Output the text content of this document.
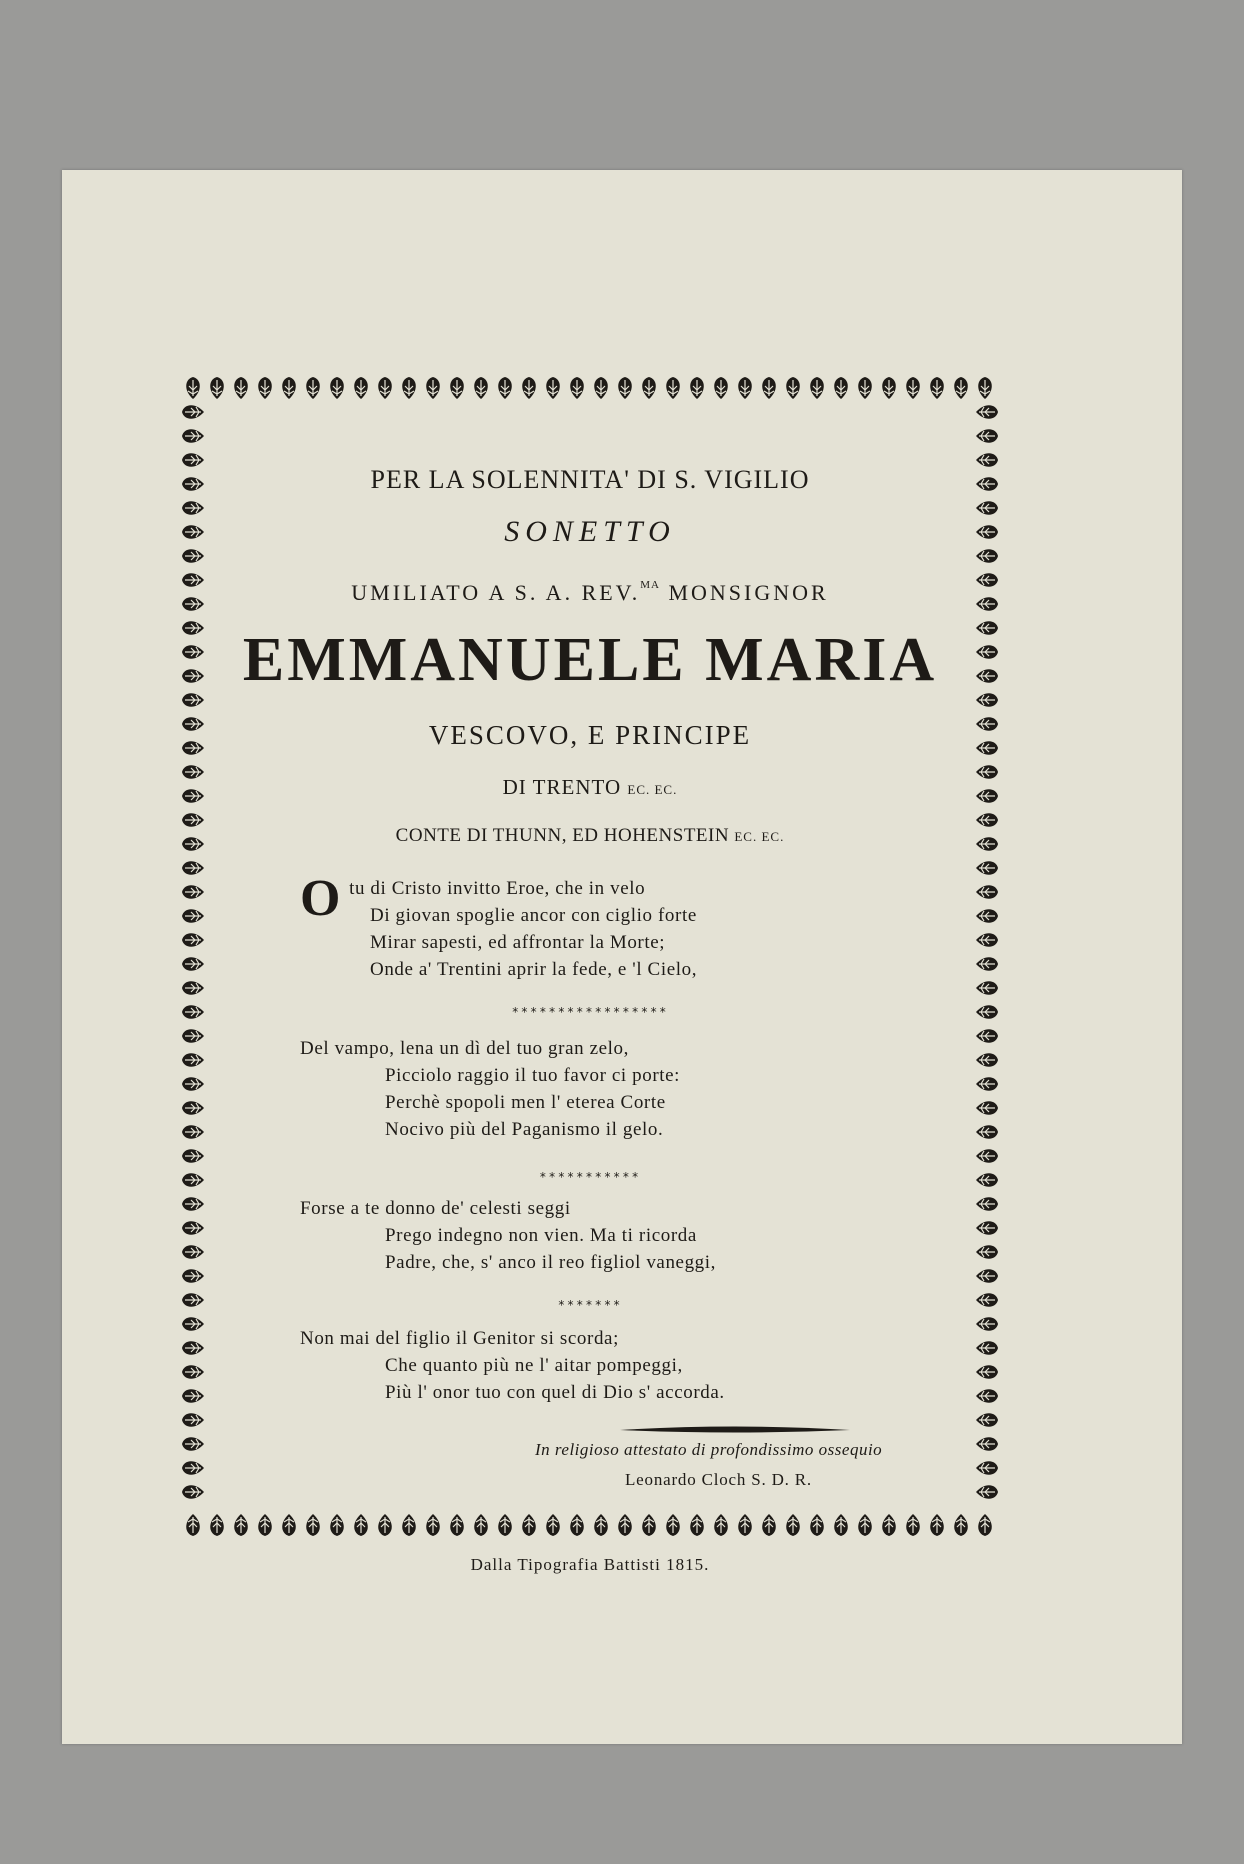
PER LA SOLENNITA' DI S. VIGILIO
SONETTO
UMILIATO A S. A. REV.$^{MA}$ MONSIGNOR
EMMANUELE MARIA
VESCOVO, E PRINCIPE
DI TRENTO EC. EC.
CONTE DI THUNN, ED HOHENSTEIN EC. EC.
O tu di Cristo invitto Eroe, che in velo
Di giovan spoglie ancor con ciglio forte
Mirar sapesti, ed affrontar la Morte;
Onde a' Trentini aprir la fede, e 'l Cielo,
*****************
Del vampo, lena un dì del tuo gran zelo,
Picciolo raggio il tuo favor ci porte:
Perchè spopoli men l' eterea Corte
Nocivo più del Paganismo il gelo.
***********
Forse a te donno de' celesti seggi
Prego indegno non vien. Ma ti ricorda
Padre, che, s' anco il reo figliol vaneggi,
*******
Non mai del figlio il Genitor si scorda;
Che quanto più ne l' aitar pompeggi,
Più l' onor tuo con quel di Dio s' accorda.
In religioso attestato di profondissimo ossequio
Leonardo Cloch S. D. R.
Dalla Tipografia Battisti 1815.
